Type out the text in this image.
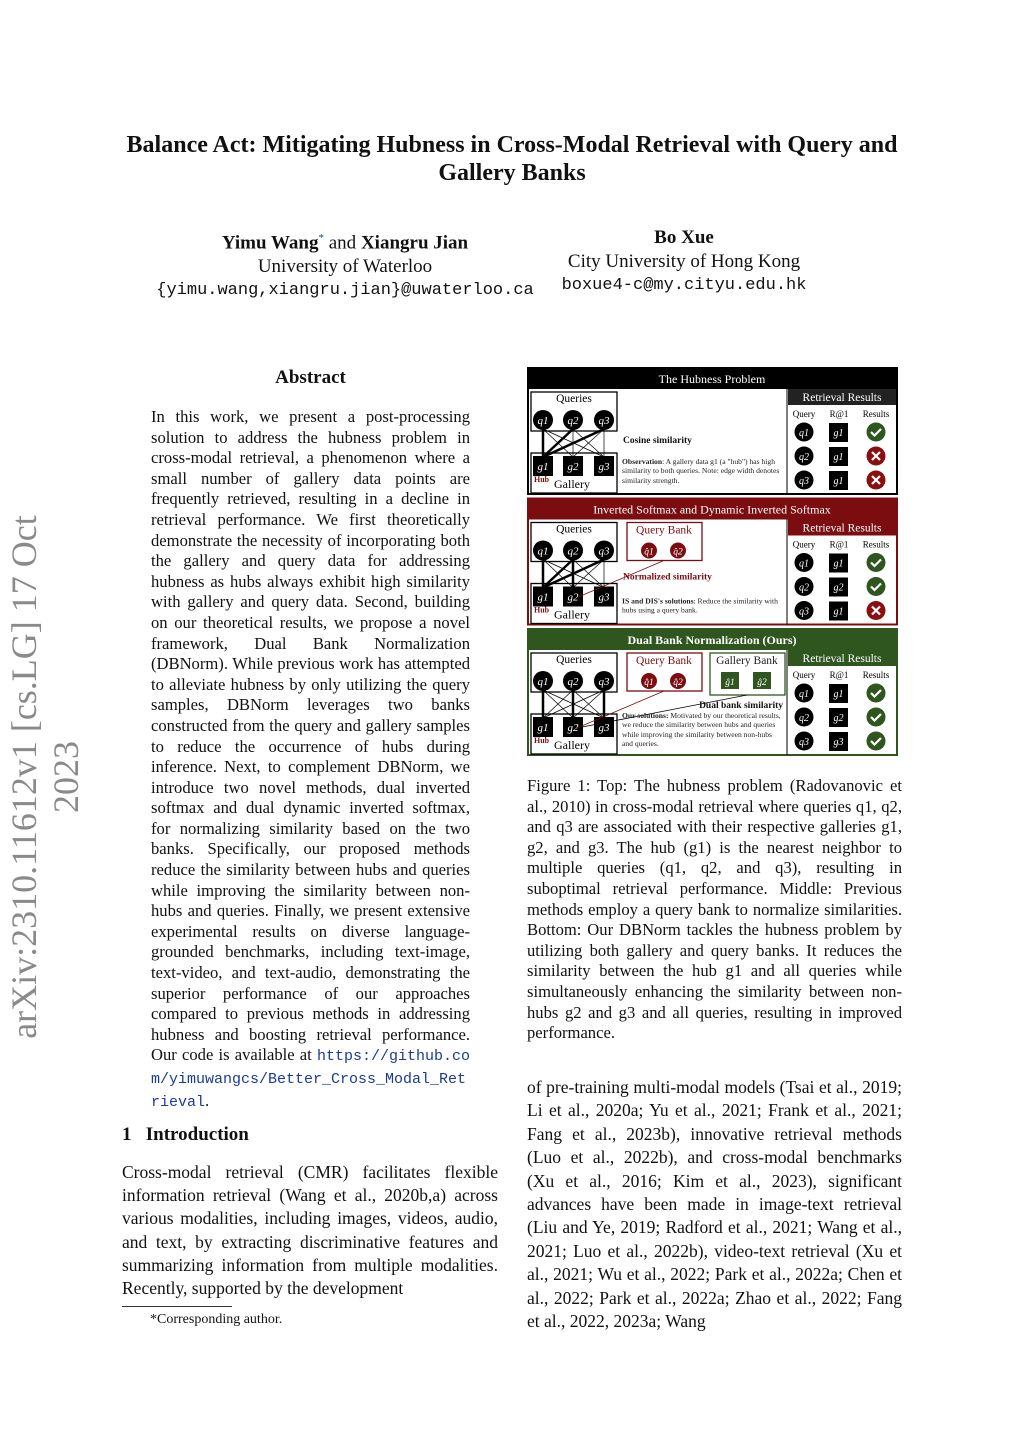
arXiv:2310.11612v1 [cs.LG] 17 Oct 2023
Balance Act: Mitigating Hubness in Cross-Modal Retrieval with Query and Gallery Banks
Yimu Wang* and Xiangru Jian
University of Waterloo
{yimu.wang,xiangru.jian}@uwaterloo.ca
Bo Xue
City University of Hong Kong
boxue4-c@my.cityu.edu.hk
Abstract

In this work, we present a post-processing solution to address the hubness problem in cross-modal retrieval, a phenomenon where a small number of gallery data points are frequently retrieved, resulting in a decline in retrieval performance. We first theoretically demonstrate the necessity of incorporating both the gallery and query data for addressing hubness as hubs always exhibit high similarity with gallery and query data. Second, building on our theoretical results, we propose a novel framework, Dual Bank Normalization (DBNorm). While previous work has attempted to alleviate hubness by only utilizing the query samples, DBNorm leverages two banks constructed from the query and gallery samples to reduce the occurrence of hubs during inference. Next, to complement DBNorm, we introduce two novel methods, dual inverted softmax and dual dynamic inverted softmax, for normalizing similarity based on the two banks. Specifically, our proposed methods reduce the similarity between hubs and queries while improving the similarity between non-hubs and queries. Finally, we present extensive experimental results on diverse language-grounded benchmarks, including text-image, text-video, and text-audio, demonstrating the superior performance of our approaches compared to previous methods in addressing hubness and boosting retrieval performance. Our code is available at https://github.com/yimuwangcs/Better_Cross_Modal_Retrieval.

1 Introduction

Cross-modal retrieval (CMR) facilitates flexible information retrieval (Wang et al., 2020b,a) across various modalities, including images, videos, audio, and text, by extracting discriminative features and summarizing information from multiple modalities. Recently, supported by the development

*Corresponding author.
The Hubness Problem
Queries
q1
g1
q2
g2
q3
g3
Hub Gallery
Cosine similarity
Observation: A gallery data g1 (a "hub") has high similarity to both queries. Note: edge width denotes similarity strength.
Retrieval Results
Query R@1 Results
q1 g1
q2 g1
q3 g1
Inverted Softmax and Dynamic Inverted Softmax
Queries
q1
g1
q2
g2
q3
g3
Hub Gallery
Query Bank
q̂1 q̂2
Normalized similarity
IS and DIS's solutions: Reduce the similarity with hubs using a query bank.
Retrieval Results
Query R@1 Results
q1 g1
q2 g2
q3 g1
Dual Bank Normalization (Ours)
Queries
q1
g1
q2
g2
q3
g3
Hub Gallery
Query Bank
q̂1 q̂2
Gallery Bank
ĝ1 ĝ2
Dual bank similarity
Our solutions: Motivated by our theoretical results, we reduce the similarity between hubs and queries while improving the similarity between non-hubs and queries.
Retrieval Results
Query R@1 Results
q1 g1
q2 g2
q3 g3

Figure 1: Top: The hubness problem (Radovanovic et al., 2010) in cross-modal retrieval where queries q1, q2, and q3 are associated with their respective galleries g1, g2, and g3. The hub (g1) is the nearest neighbor to multiple queries (q1, q2, and q3), resulting in suboptimal retrieval performance. Middle: Previous methods employ a query bank to normalize similarities. Bottom: Our DBNorm tackles the hubness problem by utilizing both gallery and query banks. It reduces the similarity between the hub g1 and all queries while simultaneously enhancing the similarity between non-hubs g2 and g3 and all queries, resulting in improved performance.

of pre-training multi-modal models (Tsai et al., 2019; Li et al., 2020a; Yu et al., 2021; Frank et al., 2021; Fang et al., 2023b), innovative retrieval methods (Luo et al., 2022b), and cross-modal benchmarks (Xu et al., 2016; Kim et al., 2023), significant advances have been made in image-text retrieval (Liu and Ye, 2019; Radford et al., 2021; Wang et al., 2021; Luo et al., 2022b), video-text retrieval (Xu et al., 2021; Wu et al., 2022; Park et al., 2022a; Chen et al., 2022; Park et al., 2022a; Zhao et al., 2022; Fang et al., 2022, 2023a; Wang
